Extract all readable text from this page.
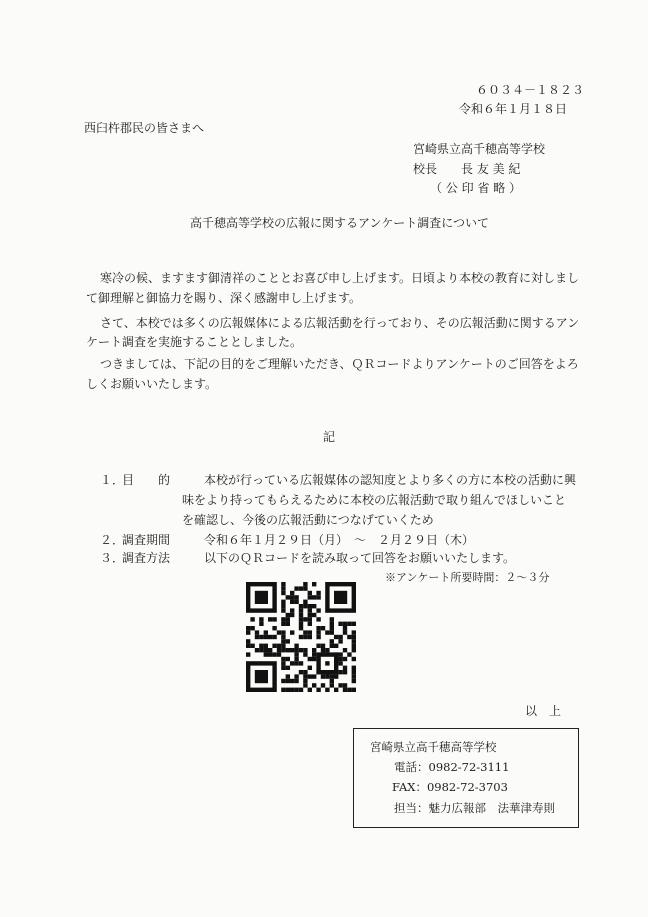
６０３４－１８２３
令和６年１月１８日
西臼杵郡民の皆さまへ
宮崎県立高千穂高等学校
校長　　長 友 美 紀
（ 公 印 省 略 ）
高千穂高等学校の広報に関するアンケート調査について
寒冷の候、ますます御清祥のこととお喜び申し上げます。日頃より本校の教育に対しまし
て御理解と御協力を賜り、深く感謝申し上げます。
さて、本校では多くの広報媒体による広報活動を行っており、その広報活動に関するアン
ケート調査を実施することとしました。
つきましては、下記の目的をご理解いただき、ＱＲコードよりアンケートのご回答をよろ
しくお願いいたします。
記
１．
目　　的	本校が行っている広報媒体の認知度とより多くの方に本校の活動に興
味をより持ってもらえるために本校の広報活動で取り組んでほしいこと
を確認し、今後の広報活動につなげていくため
２．
調査期間	令和６年１月２９日（月）　～　２月２９日（木）
３．
調査方法	以下のＱＲコードを読み取って回答をお願いいたします。
※アンケート所要時間：２～３分
以　上
宮崎県立高千穂高等学校
電話：0982-72-3111
FAX：0982-72-3703
担当：魅力広報部　法華津寿則
